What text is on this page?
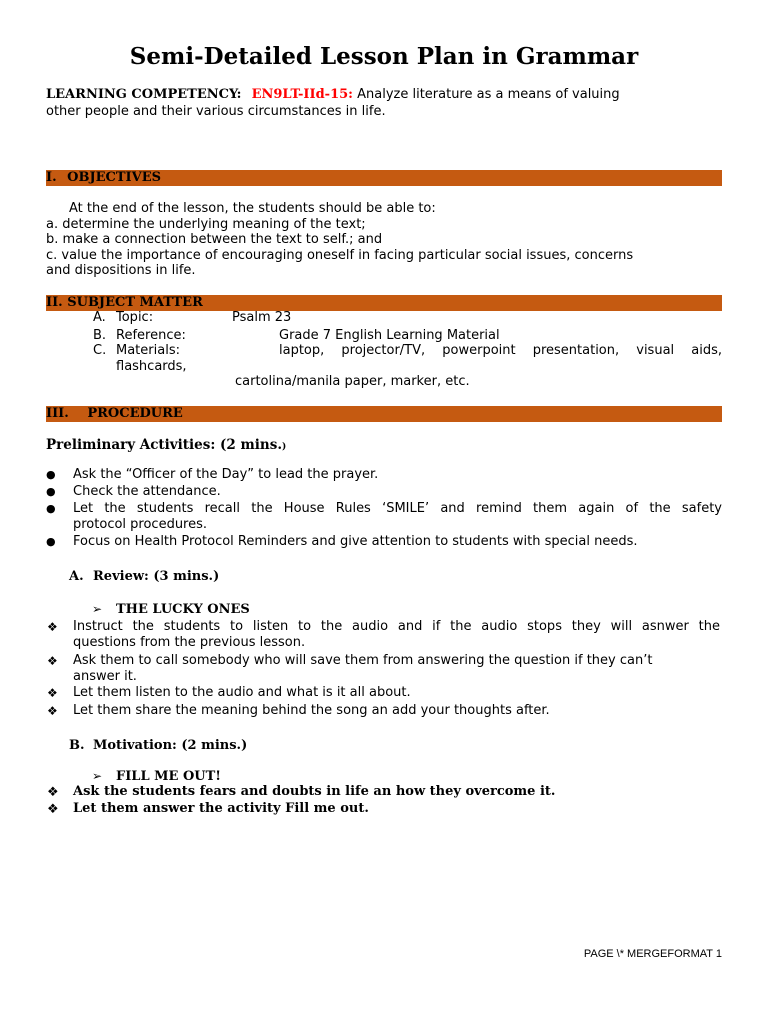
Semi-Detailed Lesson Plan in Grammar
LEARNING COMPETENCY: EN9LT-IId-15: Analyze literature as a means of valuing
other people and their various circumstances in life.
I. OBJECTIVES
At the end of the lesson, the students should be able to:
a. determine the underlying meaning of the text;
b. make a connection between the text to self.; and
c. value the importance of encouraging oneself in facing particular social issues, concerns
and dispositions in life.
II. SUBJECT MATTER
A. Topic:	Psalm 23
B. Reference:	Grade 7 English Learning Material
C. Materials:	laptop, projector/TV, powerpoint presentation, visual aids,
flashcards,
cartolina/manila paper, marker, etc.
III. PROCEDURE
Preliminary Activities: (2 mins.)
● Ask the “Officer of the Day” to lead the prayer.
● Check the attendance.
● Let the students recall the House Rules ‘SMILE’ and remind them again of the safety
protocol procedures.
● Focus on Health Protocol Reminders and give attention to students with special needs.
A. Review: (3 mins.)
➢ THE LUCKY ONES
❖ Instruct the students to listen to the audio and if the audio stops they will asnwer the
questions from the previous lesson.
❖ Ask them to call somebody who will save them from answering the question if they can’t
answer it.
❖ Let them listen to the audio and what is it all about.
❖ Let them share the meaning behind the song an add your thoughts after.
B. Motivation: (2 mins.)
➢ FILL ME OUT!
❖ Ask the students fears and doubts in life an how they overcome it.
❖ Let them answer the activity Fill me out.
PAGE \* MERGEFORMAT 1
